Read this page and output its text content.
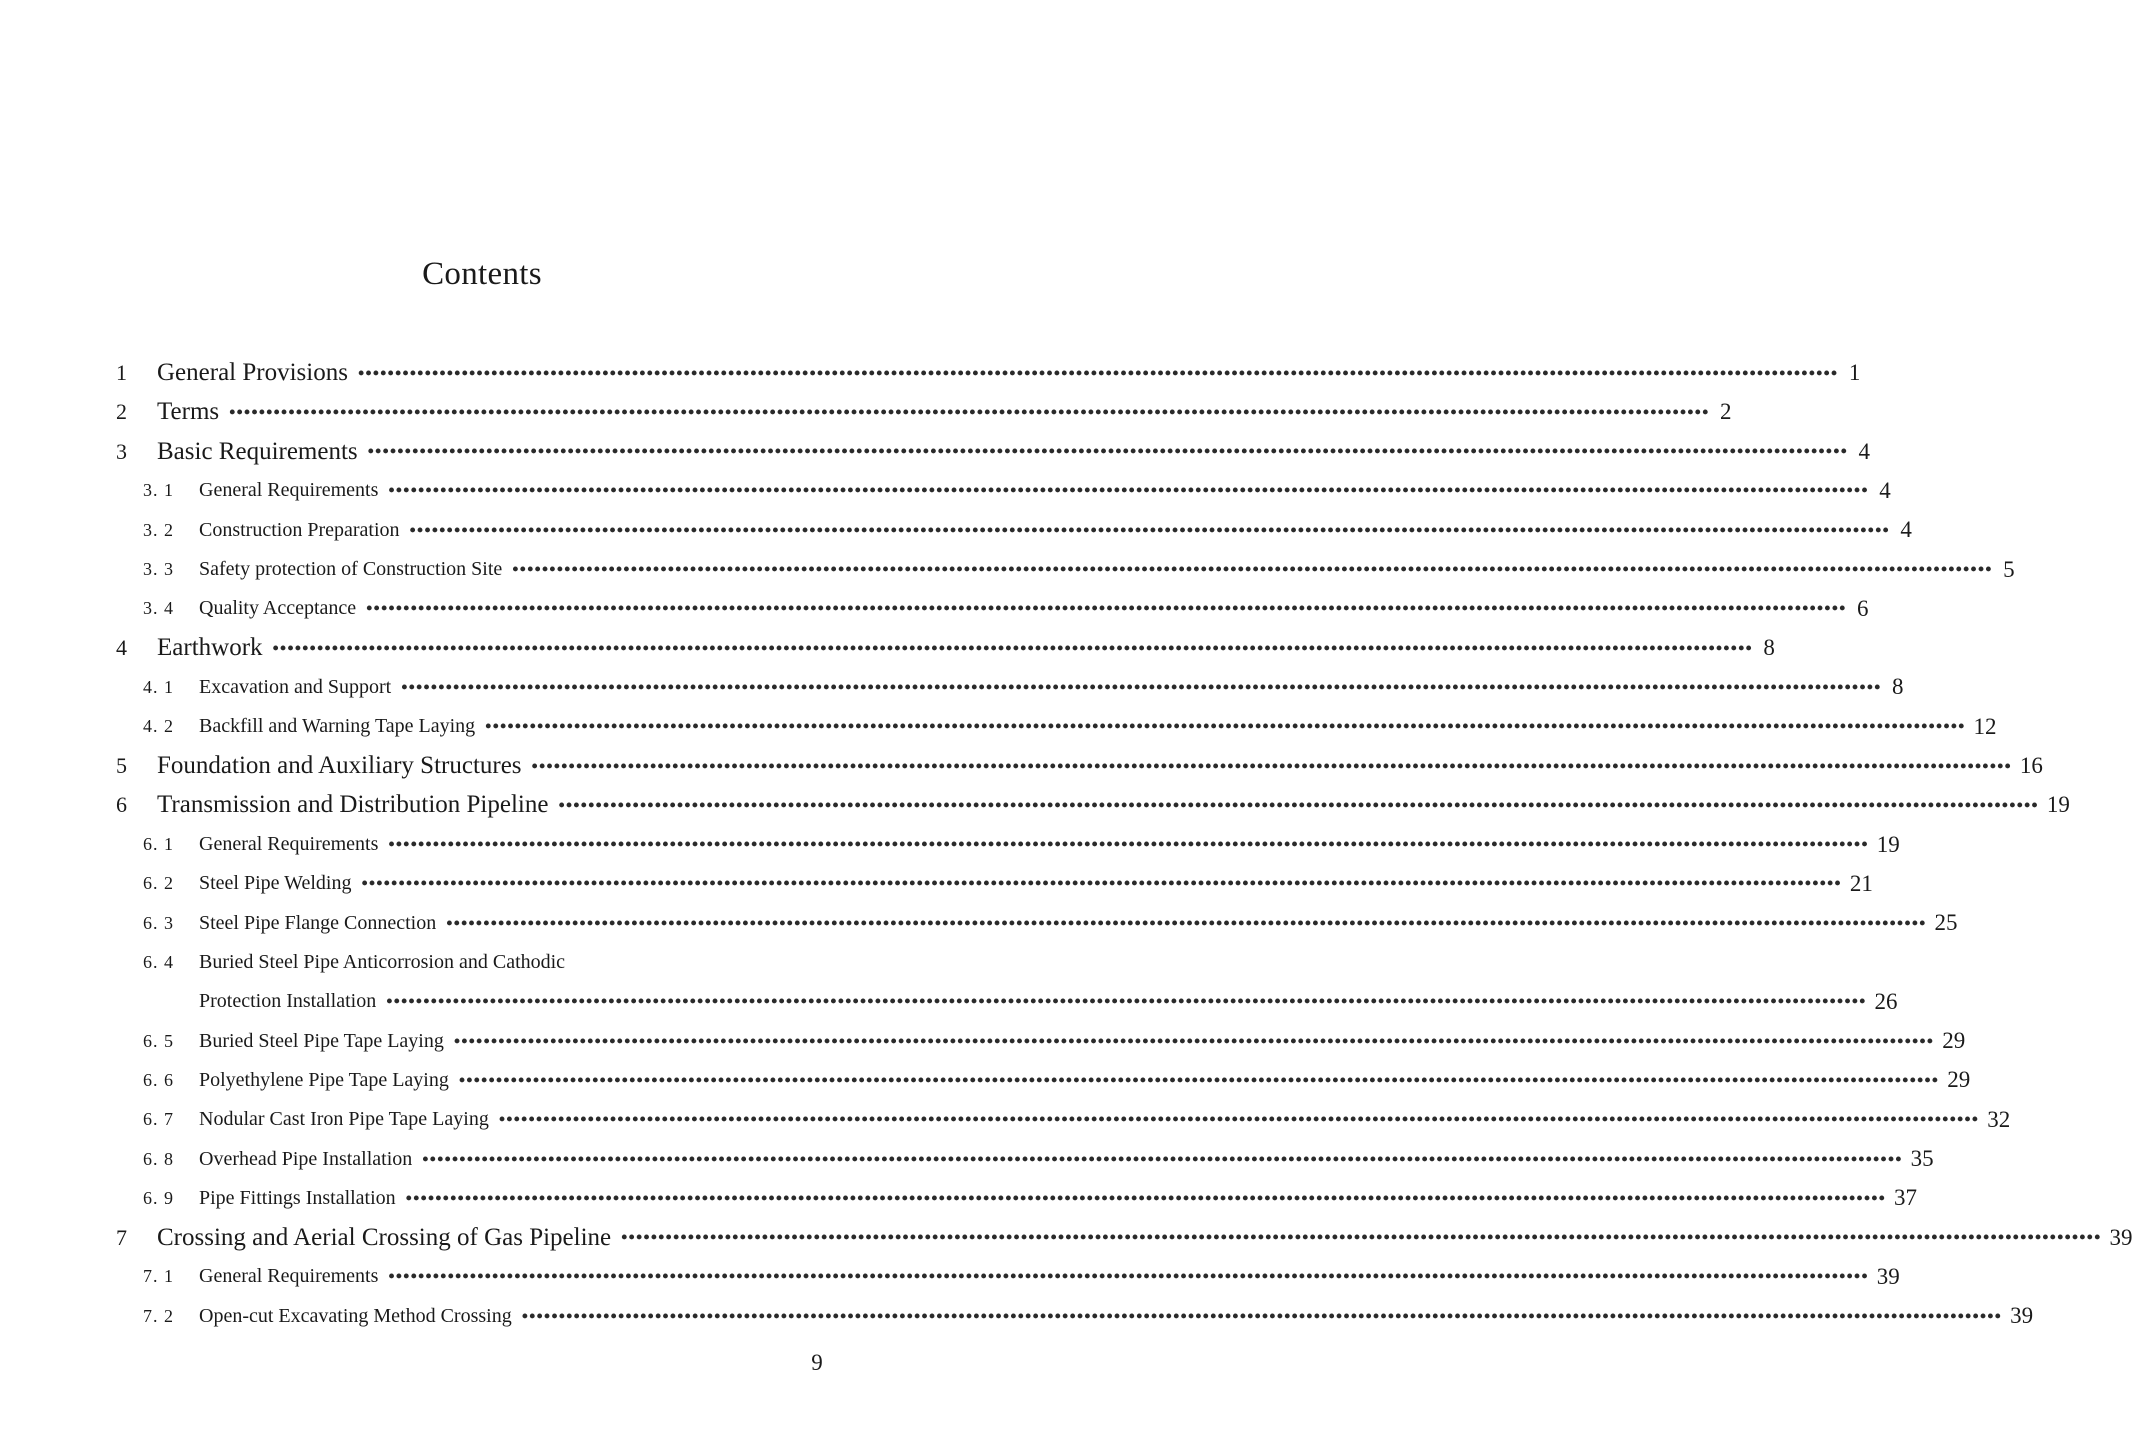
Contents
1	General Provisions •••••••••••••••••••••••••••••••••••••••••••••••••••••••••••••••••••••••••••••••••••••••••••••••••••••••••••••••••••••••••••••••••••••••••••••••••••••••••••••••••••••••••••••••••••••••••••••••••••••••• 1
2	Terms •••••••••••••••••••••••••••••••••••••••••••••••••••••••••••••••••••••••••••••••••••••••••••••••••••••••••••••••••••••••••••••••••••••••••••••••••••••••••••••••••••••••••••••••••••••••••••••••••••••••• 2
3	Basic Requirements •••••••••••••••••••••••••••••••••••••••••••••••••••••••••••••••••••••••••••••••••••••••••••••••••••••••••••••••••••••••••••••••••••••••••••••••••••••••••••••••••••••••••••••••••••••••••••••••••••••••• 4
3. 1	General Requirements •••••••••••••••••••••••••••••••••••••••••••••••••••••••••••••••••••••••••••••••••••••••••••••••••••••••••••••••••••••••••••••••••••••••••••••••••••••••••••••••••••••••••••••••••••••••••••••••••••••••• 4
3. 2	Construction Preparation •••••••••••••••••••••••••••••••••••••••••••••••••••••••••••••••••••••••••••••••••••••••••••••••••••••••••••••••••••••••••••••••••••••••••••••••••••••••••••••••••••••••••••••••••••••••••••••••••••••••• 4
3. 3	Safety protection of Construction Site •••••••••••••••••••••••••••••••••••••••••••••••••••••••••••••••••••••••••••••••••••••••••••••••••••••••••••••••••••••••••••••••••••••••••••••••••••••••••••••••••••••••••••••••••••••••••••••••••••••••• 5
3. 4	Quality Acceptance •••••••••••••••••••••••••••••••••••••••••••••••••••••••••••••••••••••••••••••••••••••••••••••••••••••••••••••••••••••••••••••••••••••••••••••••••••••••••••••••••••••••••••••••••••••••••••••••••••••••• 6
4	Earthwork •••••••••••••••••••••••••••••••••••••••••••••••••••••••••••••••••••••••••••••••••••••••••••••••••••••••••••••••••••••••••••••••••••••••••••••••••••••••••••••••••••••••••••••••••••••••••••••••••••••••• 8
4. 1	Excavation and Support •••••••••••••••••••••••••••••••••••••••••••••••••••••••••••••••••••••••••••••••••••••••••••••••••••••••••••••••••••••••••••••••••••••••••••••••••••••••••••••••••••••••••••••••••••••••••••••••••••••••• 8
4. 2	Backfill and Warning Tape Laying •••••••••••••••••••••••••••••••••••••••••••••••••••••••••••••••••••••••••••••••••••••••••••••••••••••••••••••••••••••••••••••••••••••••••••••••••••••••••••••••••••••••••••••••••••••••••••••••••••••••• 12
5	Foundation and Auxiliary Structures •••••••••••••••••••••••••••••••••••••••••••••••••••••••••••••••••••••••••••••••••••••••••••••••••••••••••••••••••••••••••••••••••••••••••••••••••••••••••••••••••••••••••••••••••••••••••••••••••••••••• 16
6	Transmission and Distribution Pipeline •••••••••••••••••••••••••••••••••••••••••••••••••••••••••••••••••••••••••••••••••••••••••••••••••••••••••••••••••••••••••••••••••••••••••••••••••••••••••••••••••••••••••••••••••••••••••••••••••••••••• 19
6. 1	General Requirements •••••••••••••••••••••••••••••••••••••••••••••••••••••••••••••••••••••••••••••••••••••••••••••••••••••••••••••••••••••••••••••••••••••••••••••••••••••••••••••••••••••••••••••••••••••••••••••••••••••••• 19
6. 2	Steel Pipe Welding •••••••••••••••••••••••••••••••••••••••••••••••••••••••••••••••••••••••••••••••••••••••••••••••••••••••••••••••••••••••••••••••••••••••••••••••••••••••••••••••••••••••••••••••••••••••••••••••••••••••• 21
6. 3	Steel Pipe Flange Connection •••••••••••••••••••••••••••••••••••••••••••••••••••••••••••••••••••••••••••••••••••••••••••••••••••••••••••••••••••••••••••••••••••••••••••••••••••••••••••••••••••••••••••••••••••••••••••••••••••••••• 25
6. 4	Buried Steel Pipe Anticorrosion and Cathodic
Protection Installation •••••••••••••••••••••••••••••••••••••••••••••••••••••••••••••••••••••••••••••••••••••••••••••••••••••••••••••••••••••••••••••••••••••••••••••••••••••••••••••••••••••••••••••••••••••••••••••••••••••••• 26
6. 5	Buried Steel Pipe Tape Laying •••••••••••••••••••••••••••••••••••••••••••••••••••••••••••••••••••••••••••••••••••••••••••••••••••••••••••••••••••••••••••••••••••••••••••••••••••••••••••••••••••••••••••••••••••••••••••••••••••••••• 29
6. 6	Polyethylene Pipe Tape Laying •••••••••••••••••••••••••••••••••••••••••••••••••••••••••••••••••••••••••••••••••••••••••••••••••••••••••••••••••••••••••••••••••••••••••••••••••••••••••••••••••••••••••••••••••••••••••••••••••••••••• 29
6. 7	Nodular Cast Iron Pipe Tape Laying •••••••••••••••••••••••••••••••••••••••••••••••••••••••••••••••••••••••••••••••••••••••••••••••••••••••••••••••••••••••••••••••••••••••••••••••••••••••••••••••••••••••••••••••••••••••••••••••••••••••• 32
6. 8	Overhead Pipe Installation •••••••••••••••••••••••••••••••••••••••••••••••••••••••••••••••••••••••••••••••••••••••••••••••••••••••••••••••••••••••••••••••••••••••••••••••••••••••••••••••••••••••••••••••••••••••••••••••••••••••• 35
6. 9	Pipe Fittings Installation •••••••••••••••••••••••••••••••••••••••••••••••••••••••••••••••••••••••••••••••••••••••••••••••••••••••••••••••••••••••••••••••••••••••••••••••••••••••••••••••••••••••••••••••••••••••••••••••••••••••• 37
7	Crossing and Aerial Crossing of Gas Pipeline •••••••••••••••••••••••••••••••••••••••••••••••••••••••••••••••••••••••••••••••••••••••••••••••••••••••••••••••••••••••••••••••••••••••••••••••••••••••••••••••••••••••••••••••••••••••••••••••••••••••• 39
7. 1	General Requirements •••••••••••••••••••••••••••••••••••••••••••••••••••••••••••••••••••••••••••••••••••••••••••••••••••••••••••••••••••••••••••••••••••••••••••••••••••••••••••••••••••••••••••••••••••••••••••••••••••••••• 39
7. 2	Open-cut Excavating Method Crossing •••••••••••••••••••••••••••••••••••••••••••••••••••••••••••••••••••••••••••••••••••••••••••••••••••••••••••••••••••••••••••••••••••••••••••••••••••••••••••••••••••••••••••••••••••••••••••••••••••••••• 39
9
